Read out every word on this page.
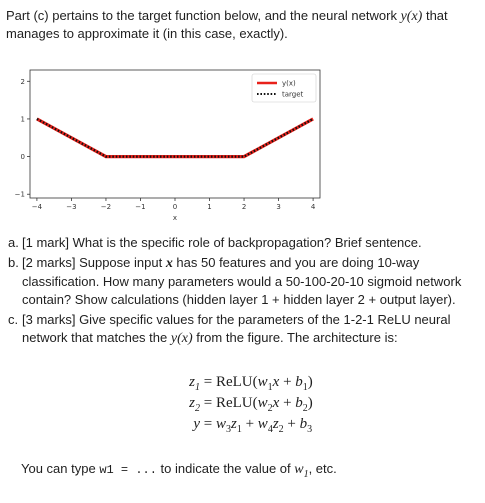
Part (c) pertains to the target function below, and the neural network y(x) that manages to approximate it (in this case, exactly).
−4	−3	−2	−1	0	1	2	3	4
−1
0
1
2
x
y(x)
target
a. [1 mark] What is the specific role of backpropagation? Brief sentence.
b. [2 marks] Suppose input x has 50 features and you are doing 10-way classification. How many parameters would a 50-100-20-10 sigmoid network contain? Show calculations (hidden layer 1 + hidden layer 2 + output layer).
c. [3 marks] Give specific values for the parameters of the 1-2-1 ReLU neural network that matches the y(x) from the figure. The architecture is:
$z_1$ = $ReLU(w_1x + b_1)$
$z_2$ = $ReLU(w_2x + b_2)$
$y = w_3z_1 + w_4z_2 + b_3$
You can type w1 = ... to indicate the value of $w_1$, etc.
